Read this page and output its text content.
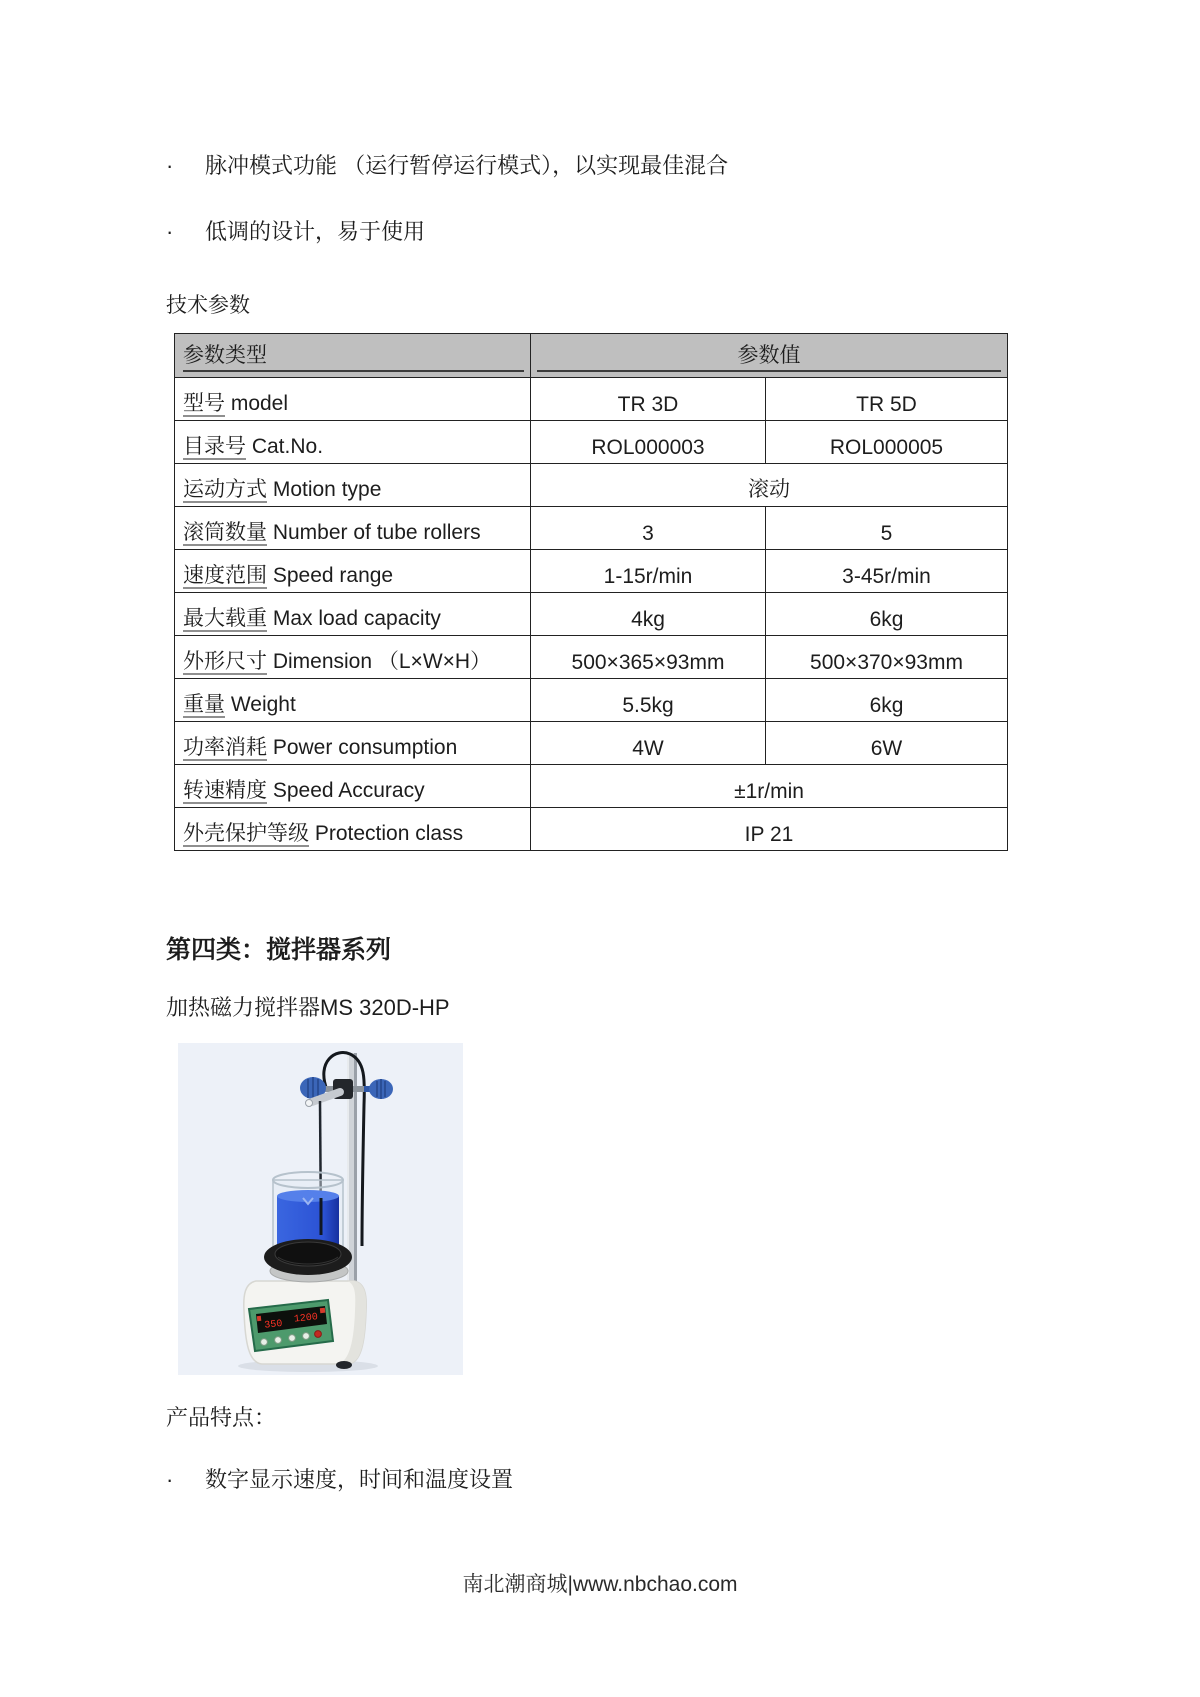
· 脉冲模式功能 （运行暂停运行模式），以实现最佳混合
· 低调的设计，易于使用
技术参数
参数类型	参数值	

型号 model	TR 3D	TR 5D
目录号 Cat.No.	ROL000003	ROL000005
运动方式 Motion type	滚动	
滚筒数量 Number of tube rollers	3	5
速度范围 Speed range	1-15r/min	3-45r/min
最大载重 Max load capacity	4kg	6kg
外形尺寸 Dimension （L×W×H）	500×365×93mm	500×370×93mm
重量 Weight	5.5kg	6kg
功率消耗 Power consumption	4W	6W
转速精度 Speed Accuracy	±1r/min	
外壳保护等级 Protection class	IP 21	
第四类：搅拌器系列
加热磁力搅拌器MS 320D-HP
350 1200
产品特点：
· 数字显示速度，时间和温度设置
南北潮商城|www.nbchao.com
